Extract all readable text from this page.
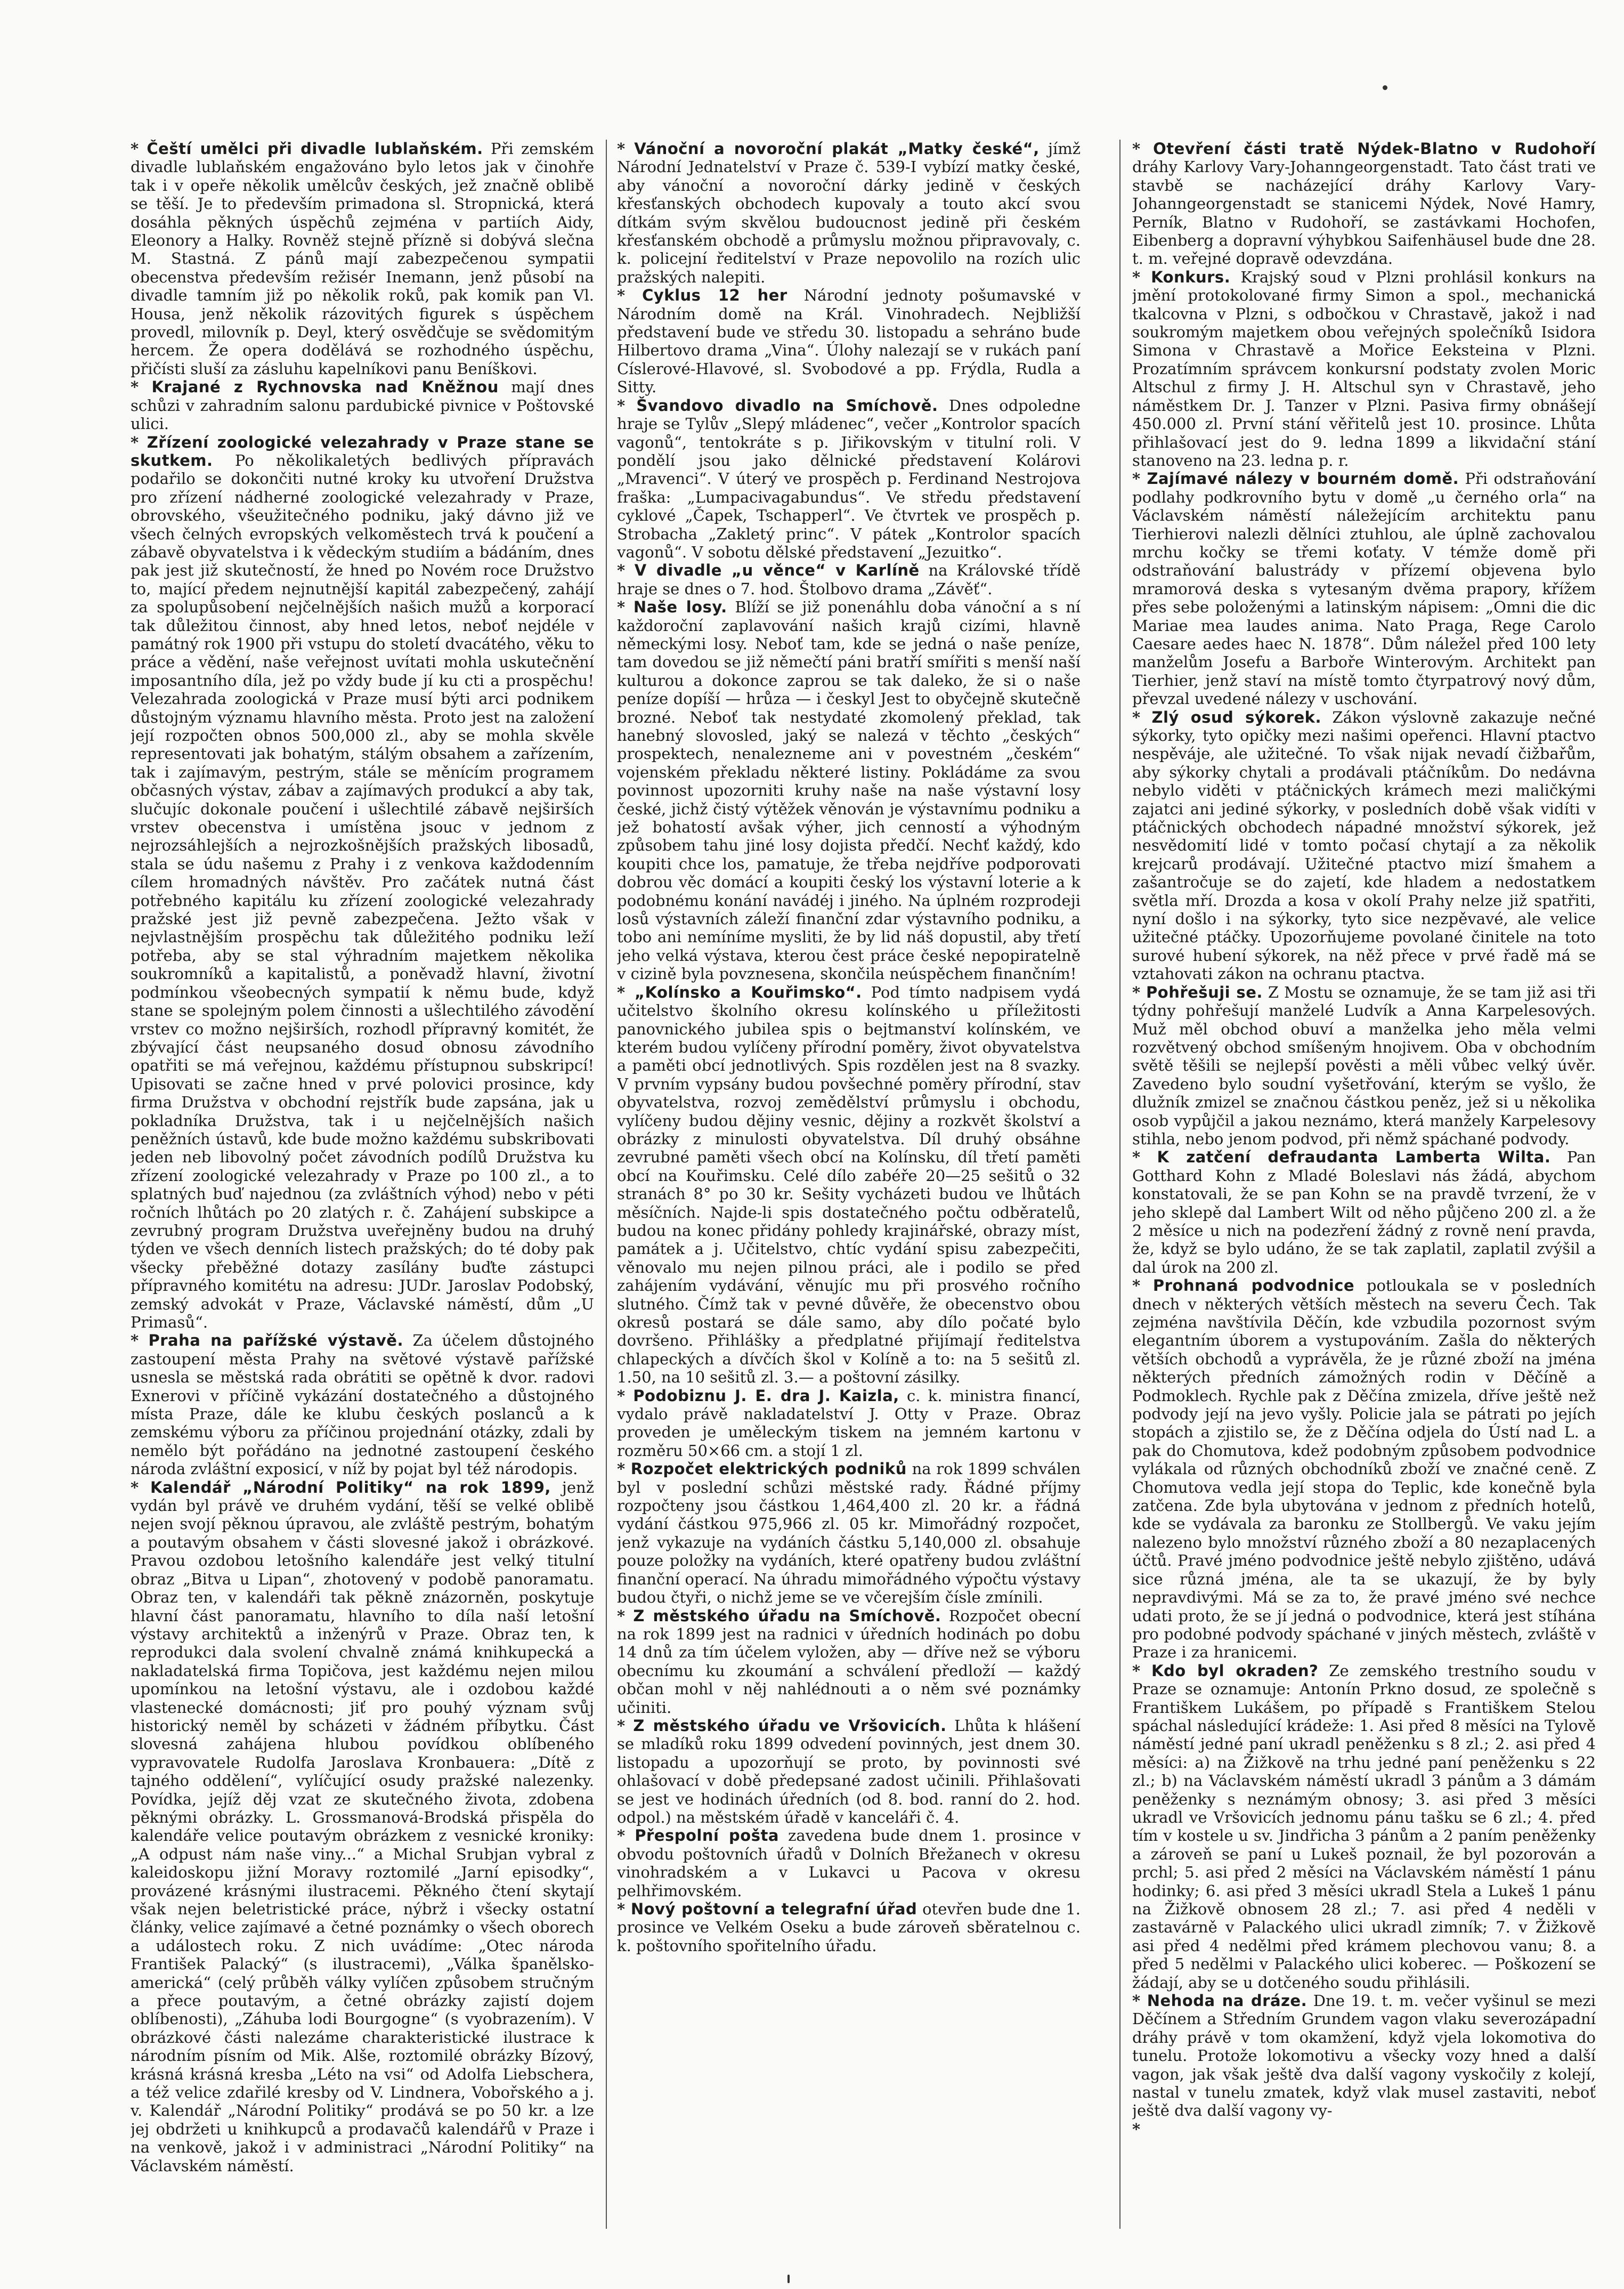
* Čeští umělci při divadle lublaňském. Při zemském divadle lublaňském engažováno bylo letos jak v činohře tak i v opeře několik umělcův českých, jež značně oblibě se těší. Je to především primadona sl. Stropnická, která dosáhla pěkných úspěchů zejména v partiích Aidy, Eleonory a Halky. Rovněž stejně přízně si dobývá slečna M. Stastná. Z pánů mají zabezpečenou sympatii obecenstva především režisér Inemann, jenž působí na divadle tamním již po několik roků, pak komik pan Vl. Housa, jenž několik rázovitých figurek s úspěchem provedl, milovník p. Deyl, který osvědčuje se svědomitým hercem. Že opera dodělává se rozhodného úspěchu, přičísti sluší za zásluhu kapelníkovi panu Beníškovi.

* Krajané z Rychnovska nad Kněžnou mají dnes schůzi v zahradním salonu pardubické pivnice v Poštovské ulici.

* Zřízení zoologické velezahrady v Praze stane se skutkem. Po několikaletých bedlivých přípravách podařilo se dokončiti nutné kroky ku utvoření Družstva pro zřízení nádherné zoologické velezahrady v Praze, obrovského, všeužitečného podniku, jaký dávno již ve všech čelných evropských velkoměstech trvá k poučení a zábavě obyvatelstva i k vědeckým studiím a bádáním, dnes pak jest již skutečností, že hned po Novém roce Družstvo to, mající předem nejnutnější kapitál zabezpečený, zahájí za spolupůsobení nejčelnějších našich mužů a korporací tak důležitou činnost, aby hned letos, neboť nejdéle v památný rok 1900 při vstupu do století dvacátého, věku to práce a vědění, naše veřejnost uvítati mohla uskutečnění imposantního díla, jež po vždy bude jí ku cti a prospěchu! Velezahrada zoologická v Praze musí býti arci podnikem důstojným významu hlavního města. Proto jest na založení její rozpočten obnos 500,000 zl., aby se mohla skvěle representovati jak bohatým, stálým obsahem a zařízením, tak i zajímavým, pestrým, stále se měnícím programem občasných výstav, zábav a zajímavých produkcí a aby tak, slučujíc dokonale poučení i ušlechtilé zábavě nejširších vrstev obecenstva i umístěna jsouc v jednom z nejrozsáhlejších a nejrozkošnějších pražských libosadů, stala se údu našemu z Prahy i z venkova každodenním cílem hromadných návštěv. Pro začátek nutná část potřebného kapitálu ku zřízení zoologické velezahrady pražské jest již pevně zabezpečena. Ježto však v nejvlastnějším prospěchu tak důležitého podniku leží potřeba, aby se stal výhradním majetkem několika soukromníků a kapitalistů, a poněvadž hlavní, životní podmínkou všeobecných sympatií k němu bude, když stane se spolejným polem činnosti a ušlechtilého závodění vrstev co možno nejširších, rozhodl přípravný komitét, že zbývající část neupsaného dosud obnosu závodního opatřiti se má veřejnou, každému přístupnou subskripcí! Upisovati se začne hned v prvé polovici prosince, kdy firma Družstva v obchodní rejstřík bude zapsána, jak u pokladníka Družstva, tak i u nejčelnějších našich peněžních ústavů, kde bude možno každému subskribovati jeden neb libovolný počet závodních podílů Družstva ku zřízení zoologické velezahrady v Praze po 100 zl., a to splatných buď najednou (za zvláštních výhod) nebo v péti ročních lhůtách po 20 zlatých r. č. Zahájení subskipce a zevrubný program Družstva uveřejněny budou na druhý týden ve všech denních listech pražských; do té doby pak všecky přeběžné dotazy zasílány buďte zástupci přípravného komitétu na adresu: JUDr. Jaroslav Podobský, zemský advokát v Praze, Václavské náměstí, dům „U Primasů“.

* Praha na pařížské výstavě. Za účelem důstojného zastoupení města Prahy na světové výstavě pařížské usnesla se městská rada obrátiti se opětně k dvor. radovi Exnerovi v příčině vykázání dostatečného a důstojného místa Praze, dále ke klubu českých poslanců a k zemskému výboru za příčinou projednání otázky, zdali by nemělo být pořádáno na jednotné zastoupení českého národa zvláštní exposicí, v níž by pojat byl též národopis.

* Kalendář „Národní Politiky“ na rok 1899, jenž vydán byl právě ve druhém vydání, těší se velké oblibě nejen svojí pěknou úpravou, ale zvláště pestrým, bohatým a poutavým obsahem v části slovesné jakož i obrázkové. Pravou ozdobou letošního kalendáře jest velký titulní obraz „Bitva u Lipan“, zhotovený v podobě panoramatu. Obraz ten, v kalendáři tak pěkně znázorněn, poskytuje hlavní část panoramatu, hlavního to díla naší letošní výstavy architektů a inženýrů v Praze. Obraz ten, k reprodukci dala svolení chvalně známá knihkupecká a nakladatelská firma Topičova, jest každému nejen milou upomínkou na letošní výstavu, ale i ozdobou každé vlastenecké domácnosti; jiť pro pouhý význam svůj historický neměl by scházeti v žádném příbytku. Část slovesná zahájena hlubou povídkou oblíbeného vypravovatele Rudolfa Jaroslava Kronbauera: „Dítě z tajného oddělení“, vylíčující osudy pražské nalezenky. Povídka, jejíž děj vzat ze skutečného života, zdobena pěknými obrázky. L. Grossmanová-Brodská přispěla do kalendáře velice poutavým obrázkem z vesnické kroniky: „A odpust nám naše viny...“ a Michal Srubjan vybral z kaleidoskopu jižní Moravy roztomilé „Jarní episodky“, provázené krásnými ilustracemi. Pěkného čtení skytají však nejen beletristické práce, nýbrž i všecky ostatní články, velice zajímavé a četné poznámky o všech oborech a událostech roku. Z nich uvádíme: „Otec národa František Palacký“ (s ilustracemi), „Válka španělsko-americká“ (celý průběh války vylíčen způsobem stručným a přece poutavým, a četné obrázky zajistí dojem oblíbenosti), „Záhuba lodi Bourgogne“ (s vyobrazením). V obrázkové části nalezáme charakteristické ilustrace k národním písním od Mik. Alše, roztomilé obrázky Bízový, krásná krásná kresba „Léto na vsi“ od Adolfa Liebschera, a též velice zdařilé kresby od V. Lindnera, Vobořského a j. v. Kalendář „Národní Politiky“ prodává se po 50 kr. a lze jej obdržeti u knihkupců a prodavačů kalendářů v Praze i na venkově, jakož i v administraci „Národní Politiky“ na Václavském náměstí.

* Vánoční a novoroční plakát „Matky české“, jímž Národní Jednatelství v Praze č. 539-I vybízí matky české, aby vánoční a novoroční dárky jedině v českých křesťanských obchodech kupovaly a touto akcí svou dítkám svým skvělou budoucnost jedině při českém křesťanském obchodě a průmyslu možnou připravovaly, c. k. policejní ředitelství v Praze nepovolilo na rozích ulic pražských nalepiti.

* Cyklus 12 her Národní jednoty pošumavské v Národním domě na Král. Vinohradech. Nejbližší představení bude ve středu 30. listopadu a sehráno bude Hilbertovo drama „Vina“. Úlohy nalezají se v rukách paní Císlerové-Hlavové, sl. Svobodové a pp. Frýdla, Rudla a Sitty.

* Švandovo divadlo na Smíchově. Dnes odpoledne hraje se Tylův „Slepý mládenec“, večer „Kontrolor spacích vagonů“, tentokráte s p. Jiřikovským v titulní roli. V pondělí jsou jako dělnické představení Kolárovi „Mravenci“. V úterý ve prospěch p. Ferdinand Nestrojova fraška: „Lumpacivagabundus“. Ve středu představení cyklové „Čapek, Tschapperl“. Ve čtvrtek ve prospěch p. Strobacha „Zakletý princ“. V pátek „Kontrolor spacích vagonů“. V sobotu dělské představení „Jezuitko“.

* V divadle „u věnce“ v Karlíně na Královské třídě hraje se dnes o 7. hod. Štolbovo drama „Závěť“.

* Naše losy. Blíží se již ponenáhlu doba vánoční a s ní každoroční zaplavování našich krajů cizími, hlavně německými losy. Neboť tam, kde se jedná o naše peníze, tam dovedou se již němečtí páni bratří smířiti s menší naší kulturou a dokonce zaprou se tak daleko, že si o naše peníze dopíší — hrůza — i českyl Jest to obyčejně skutečně brozné. Neboť tak nestydaté zkomolený překlad, tak hanebný slovosled, jaký se nalezá v těchto „českých“ prospektech, nenalezneme ani v povestném „českém“ vojenském překladu některé listiny. Pokládáme za svou povinnost upozorniti kruhy naše na naše výstavní losy české, jichž čistý výtěžek věnován je výstavnímu podniku a jež bohatostí avšak výher, jich cenností a výhodným způsobem tahu jiné losy dojista předčí. Nechť každý, kdo koupiti chce los, pamatuje, že třeba nejdříve podporovati dobrou věc domácí a koupiti český los výstavní loterie a k podobnému konání navádéj i jiného. Na úplném rozprodeji losů výstavních záleží finanční zdar výstavního podniku, a tobo ani nemíníme mysliti, že by lid náš dopustil, aby třetí jeho velká výstava, kterou čest práce české nepopiratelně v cizině byla povznesena, skončila neúspěchem finančním!

* „Kolínsko a Kouřimsko“. Pod tímto nadpisem vydá učitelstvo školního okresu kolínského u příležitosti panovnického jubilea spis o bejtmanství kolínském, ve kterém budou vylíčeny přírodní poměry, život obyvatelstva a paměti obcí jednotlivých. Spis rozdělen jest na 8 svazky. V prvním vypsány budou povšechné poměry přírodní, stav obyvatelstva, rozvoj zemědělství průmyslu i obchodu, vylíčeny budou dějiny vesnic, dějiny a rozkvět školství a obrázky z minulosti obyvatelstva. Díl druhý obsáhne zevrubné paměti všech obcí na Kolínsku, díl třetí paměti obcí na Kouřimsku. Celé dílo zabéře 20—25 sešitů o 32 stranách 8° po 30 kr. Sešity vycházeti budou ve lhůtách měsíčních. Najde-li spis dostatečného počtu odběratelů, budou na konec přidány pohledy krajinářské, obrazy míst, památek a j. Učitelstvo, chtíc vydání spisu zabezpečiti, věnovalo mu nejen pilnou práci, ale i podilo se před zahájením vydávání, věnujíc mu při prosvého ročního slutného. Čímž tak v pevné důvěře, že obecenstvo obou okresů postará se dále samo, aby dílo počaté bylo dovršeno. Přihlášky a předplatné přijímají ředitelstva chlapeckých a dívčích škol v Kolíně a to: na 5 sešitů zl. 1.50, na 10 sešitů zl. 3.— a poštovní zásilky.

* Podobiznu J. E. dra J. Kaizla, c. k. ministra financí, vydalo právě nakladatelství J. Otty v Praze. Obraz proveden je uměleckým tiskem na jemném kartonu v rozměru 50×66 cm. a stojí 1 zl.

* Rozpočet elektrických podniků na rok 1899 schválen byl v poslední schůzi městské rady. Řádné příjmy rozpočteny jsou částkou 1,464,400 zl. 20 kr. a řádná vydání částkou 975,966 zl. 05 kr. Mimořádný rozpočet, jenž vykazuje na vydáních částku 5,140,000 zl. obsahuje pouze položky na vydáních, které opatřeny budou zvláštní finanční operací. Na úhradu mimořádného výpočtu výstavy budou čtyři, o nichž jeme se ve včerejším čísle zmínili.

* Z městského úřadu na Smíchově. Rozpočet obecní na rok 1899 jest na radnici v úředních hodinách po dobu 14 dnů za tím účelem vyložen, aby — dříve než se výboru obecnímu ku zkoumání a schválení předloží — každý občan mohl v něj nahlédnouti a o něm své poznámky učiniti.

* Z městského úřadu ve Vršovicích. Lhůta k hlášení se mladíků roku 1899 odvedení povinných, jest dnem 30. listopadu a upozorňují se proto, by povinnosti své ohlašovací v době předepsané zadost učinili. Přihlašovati se jest ve hodinách úředních (od 8. bod. ranní do 2. hod. odpol.) na městském úřadě v kanceláři č. 4.

* Přespolní pošta zavedena bude dnem 1. prosince v obvodu poštovních úřadů v Dolních Břežanech v okresu vinohradském a v Lukavci u Pacova v okresu pelhřimovském.

* Nový poštovní a telegrafní úřad otevřen bude dne 1. prosince ve Velkém Oseku a bude zároveň sběratelnou c. k. poštovního spořitelního úřadu.

* Otevření části tratě Nýdek-Blatno v Rudohoří dráhy Karlovy Vary-Johanngeorgenstadt. Tato část trati ve stavbě se nacházející dráhy Karlovy Vary-Johanngeorgenstadt se stanicemi Nýdek, Nové Hamry, Perník, Blatno v Rudohoří, se zastávkami Hochofen, Eibenberg a dopravní výhybkou Saifenhäusel bude dne 28. t. m. veřejné dopravě odevzdána.

* Konkurs. Krajský soud v Plzni prohlásil konkurs na jmění protokolované firmy Simon a spol., mechanická tkalcovna v Plzni, s odbočkou v Chrastavě, jakož i nad soukromým majetkem obou veřejných společníků Isidora Simona v Chrastavě a Mořice Eeksteina v Plzni. Prozatímním správcem konkursní podstaty zvolen Moric Altschul z firmy J. H. Altschul syn v Chrastavě, jeho náměstkem Dr. J. Tanzer v Plzni. Pasiva firmy obnášejí 450.000 zl. První stání věřitelů jest 10. prosince. Lhůta přihlašovací jest do 9. ledna 1899 a likvidační stání stanoveno na 23. ledna p. r.

* Zajímavé nálezy v bourném domě. Při odstraňování podlahy podkrovního bytu v domě „u černého orla“ na Václavském náměstí náležejícím architektu panu Tierhierovi nalezli dělníci ztuhlou, ale úplně zachovalou mrchu kočky se třemi koťaty. V témže domě při odstraňování balustrády v přízemí objevena bylo mramorová deska s vytesaným dvěma prapory, křížem přes sebe položenými a latinským nápisem: „Omni die dic Mariae mea laudes anima. Nato Praga, Rege Carolo Caesare aedes haec N. 1878“. Dům náležel před 100 lety manželům Josefu a Barboře Winterovým. Architekt pan Tierhier, jenž staví na místě tomto čtyrpatrový nový dům, převzal uvedené nálezy v uschování.

* Zlý osud sýkorek. Zákon výslovně zakazuje nečné sýkorky, tyto opičky mezi našimi opeřenci. Hlavní ptactvo nespěváje, ale užitečné. To však nijak nevadí čižbařům, aby sýkorky chytali a prodávali ptáčníkům. Do nedávna nebylo viděti v ptáčnických krámech mezi maličkými zajatci ani jediné sýkorky, v posledních době však vidíti v ptáčnických obchodech nápadné množství sýkorek, jež nesvědomití lidé v tomto počasí chytají a za několik krejcarů prodávají. Užitečné ptactvo mizí šmahem a zašantročuje se do zajetí, kde hladem a nedostatkem světla mří. Drozda a kosa v okolí Prahy nelze již spatřiti, nyní došlo i na sýkorky, tyto sice nezpěvavé, ale velice užitečné ptáčky. Upozorňujeme povolané činitele na toto surové hubení sýkorek, na něž přece v prvé řadě má se vztahovati zákon na ochranu ptactva.

* Pohřešuji se. Z Mostu se oznamuje, že se tam již asi tři týdny pohřešují manželé Ludvík a Anna Karpelesových. Muž měl obchod obuví a manželka jeho měla velmi rozvětvený obchod smíšeným hnojivem. Oba v obchodním světě těšili se nejlepší pověsti a měli vůbec velký úvěr. Zavedeno bylo soudní vyšetřování, kterým se vyšlo, že dlužník zmizel se značnou částkou peněz, jež si u několika osob vypůjčil a jakou neznámo, která manžely Karpelesovy stihla, nebo jenom podvod, při němž spáchané podvody.

* K zatčení defraudanta Lamberta Wilta. Pan Gotthard Kohn z Mladé Boleslavi nás žádá, abychom konstatovali, že se pan Kohn se na pravdě tvrzení, že v jeho sklepě dal Lambert Wilt od něho půjčeno 200 zl. a že 2 měsíce u nich na podezření žádný z rovně není pravda, že, když se bylo udáno, že se tak zaplatil, zaplatil zvýšil a dal úrok na 200 zl.

* Prohnaná podvodnice potloukala se v posledních dnech v některých větších městech na severu Čech. Tak zejména navštívila Děčín, kde vzbudila pozornost svým elegantním úborem a vystupováním. Zašla do některých větších obchodů a vyprávěla, že je různé zboží na jména některých předních zámožných rodin v Děčíně a Podmoklech. Rychle pak z Děčína zmizela, dříve ještě než podvody její na jevo vyšly. Policie jala se pátrati po jejích stopách a zjistilo se, že z Děčína odjela do Ústí nad L. a pak do Chomutova, kdež podobným způsobem podvodnice vylákala od různých obchodníků zboží ve značné ceně. Z Chomutova vedla její stopa do Teplic, kde konečně byla zatčena. Zde byla ubytována v jednom z předních hotelů, kde se vydávala za baronku ze Stollbergů. Ve vaku jejím nalezeno bylo množství různého zboží a 80 nezaplacených účtů. Pravé jméno podvodnice ještě nebylo zjištěno, udává sice různá jména, ale ta se ukazují, že by byly nepravdivými. Má se za to, že pravé jméno své nechce udati proto, že se jí jedná o podvodnice, která jest stíhána pro podobné podvody spáchané v jiných městech, zvláště v Praze i za hranicemi.

* Kdo byl okraden? Ze zemského trestního soudu v Praze se oznamuje: Antonín Prkno dosud, ze společně s Františkem Lukášem, po případě s Františkem Stelou spáchal následující krádeže: 1. Asi před 8 měsíci na Tylově náměstí jedné paní ukradl peněženku s 8 zl.; 2. asi před 4 měsíci: a) na Žižkově na trhu jedné paní peněženku s 22 zl.; b) na Václavském náměstí ukradl 3 pánům a 3 dámám peněženky s neznámým obnosy; 3. asi před 3 měsíci ukradl ve Vršovicích jednomu pánu tašku se 6 zl.; 4. před tím v kostele u sv. Jindřicha 3 pánům a 2 paním peněženky a zároveň se paní u Lukeš poznail, že byl pozorován a prchl; 5. asi před 2 měsíci na Václavském náměstí 1 pánu hodinky; 6. asi před 3 měsíci ukradl Stela a Lukeš 1 pánu na Žižkově obnosem 28 zl.; 7. asi před 4 neděli v zastavárně v Palackého ulici ukradl zimník; 7. v Žižkově asi před 4 nedělmi před krámem plechovou vanu; 8. a před 5 nedělmi v Palackého ulici koberec. — Poškození se žádají, aby se u dotčeného soudu přihlásili.

* Nehoda na dráze. Dne 19. t. m. večer vyšinul se mezi Děčínem a Středním Grundem vagon vlaku severozápadní dráhy právě v tom okamžení, když vjela lokomotiva do tunelu. Protože lokomotivu a všecky vozy hned a další vagon, jak však ještě dva další vagony vyskočily z kolejí, nastal v tunelu zmatek, když vlak musel zastaviti, neboť ještě dva další vagony vy-

*
